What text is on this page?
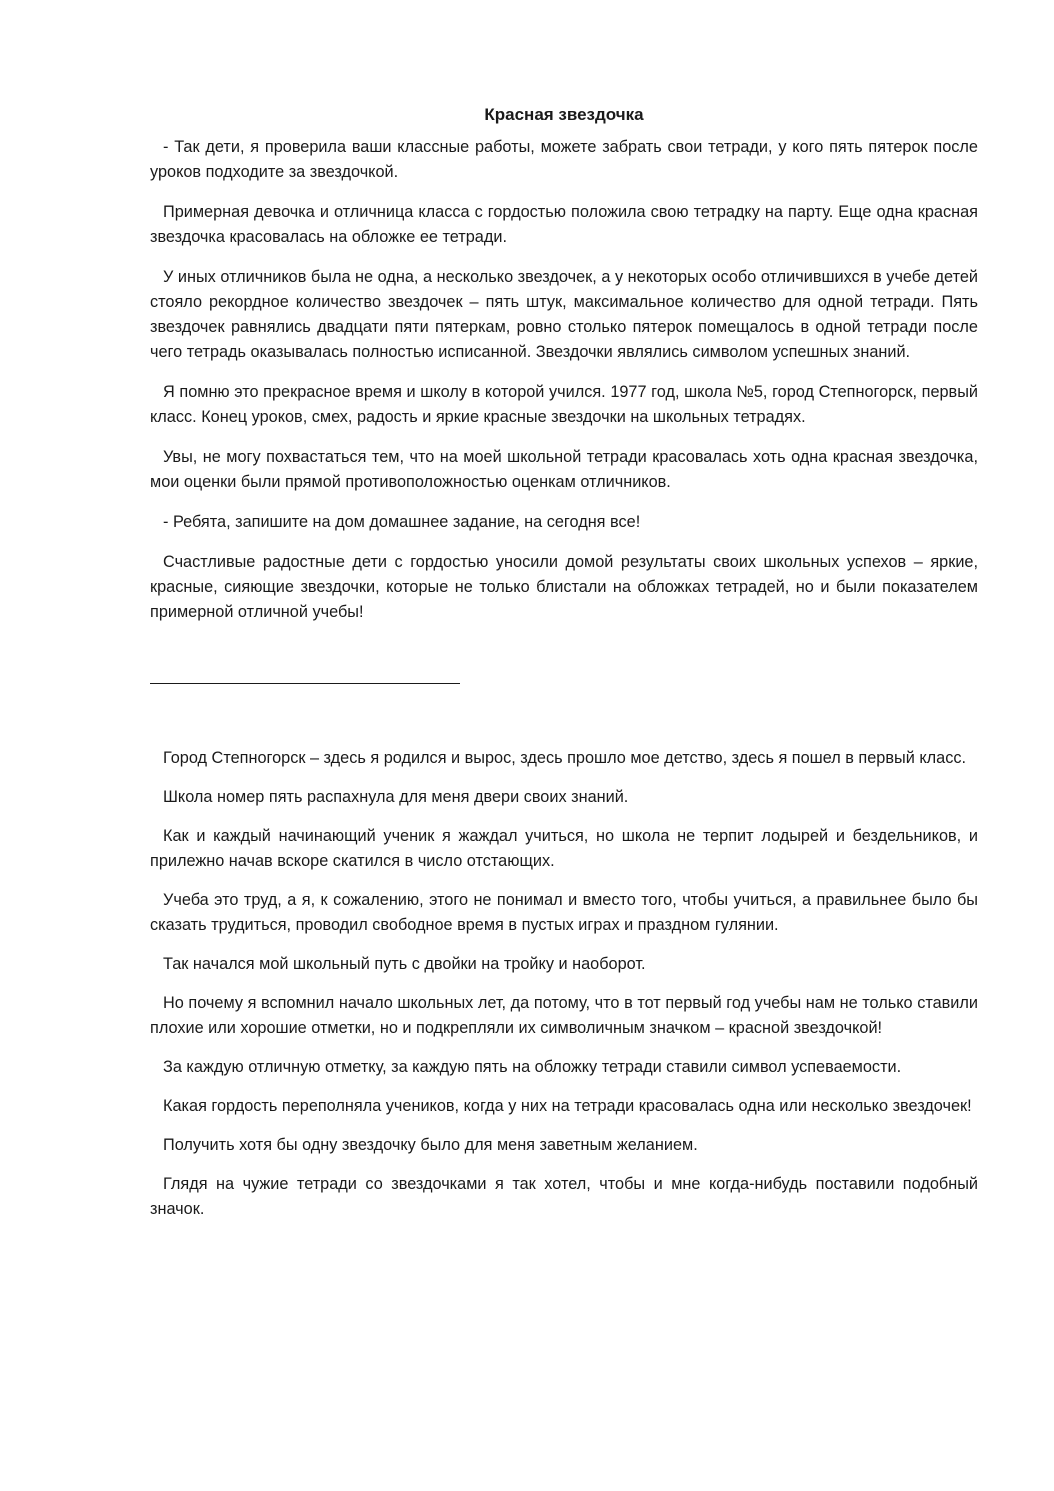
Красная звездочка

- Так дети, я проверила ваши классные работы, можете забрать свои тетради, у кого пять пятерок после уроков подходите за звездочкой.

Примерная девочка и отличница класса с гордостью положила свою тетрадку на парту. Еще одна красная звездочка красовалась на обложке ее тетради.

У иных отличников была не одна, а несколько звездочек, а у некоторых особо отличившихся в учебе детей стояло рекордное количество звездочек – пять штук, максимальное количество для одной тетради. Пять звездочек равнялись двадцати пяти пятеркам, ровно столько пятерок помещалось в одной тетради после чего тетрадь оказывалась полностью исписанной. Звездочки являлись символом успешных знаний.

Я помню это прекрасное время и школу в которой учился. 1977 год, школа №5, город Степногорск, первый класс. Конец уроков, смех, радость и яркие красные звездочки на школьных тетрадях.

Увы, не могу похвастаться тем, что на моей школьной тетради красовалась хоть одна красная звездочка, мои оценки были прямой противоположностью оценкам отличников.

- Ребята, запишите на дом домашнее задание, на сегодня все!

Счастливые радостные дети с гордостью уносили домой результаты своих школьных успехов – яркие, красные, сияющие звездочки, которые не только блистали на обложках тетрадей, но и были показателем примерной отличной учебы!

Город Степногорск – здесь я родился и вырос, здесь прошло мое детство, здесь я пошел в первый класс.

Школа номер пять распахнула для меня двери своих знаний.

Как и каждый начинающий ученик я жаждал учиться, но школа не терпит лодырей и бездельников, и прилежно начав вскоре скатился в число отстающих.

Учеба это труд, а я, к сожалению, этого не понимал и вместо того, чтобы учиться, а правильнее было бы сказать трудиться, проводил свободное время в пустых играх и праздном гулянии.

Так начался мой школьный путь с двойки на тройку и наоборот.

Но почему я вспомнил начало школьных лет, да потому, что в тот первый год учебы нам не только ставили плохие или хорошие отметки, но и подкрепляли их символичным значком – красной звездочкой!

За каждую отличную отметку, за каждую пять на обложку тетради ставили символ успеваемости.

Какая гордость переполняла учеников, когда у них на тетради красовалась одна или несколько звездочек!

Получить хотя бы одну звездочку было для меня заветным желанием.

Глядя на чужие тетради со звездочками я так хотел, чтобы и мне когда-нибудь поставили подобный значок.
